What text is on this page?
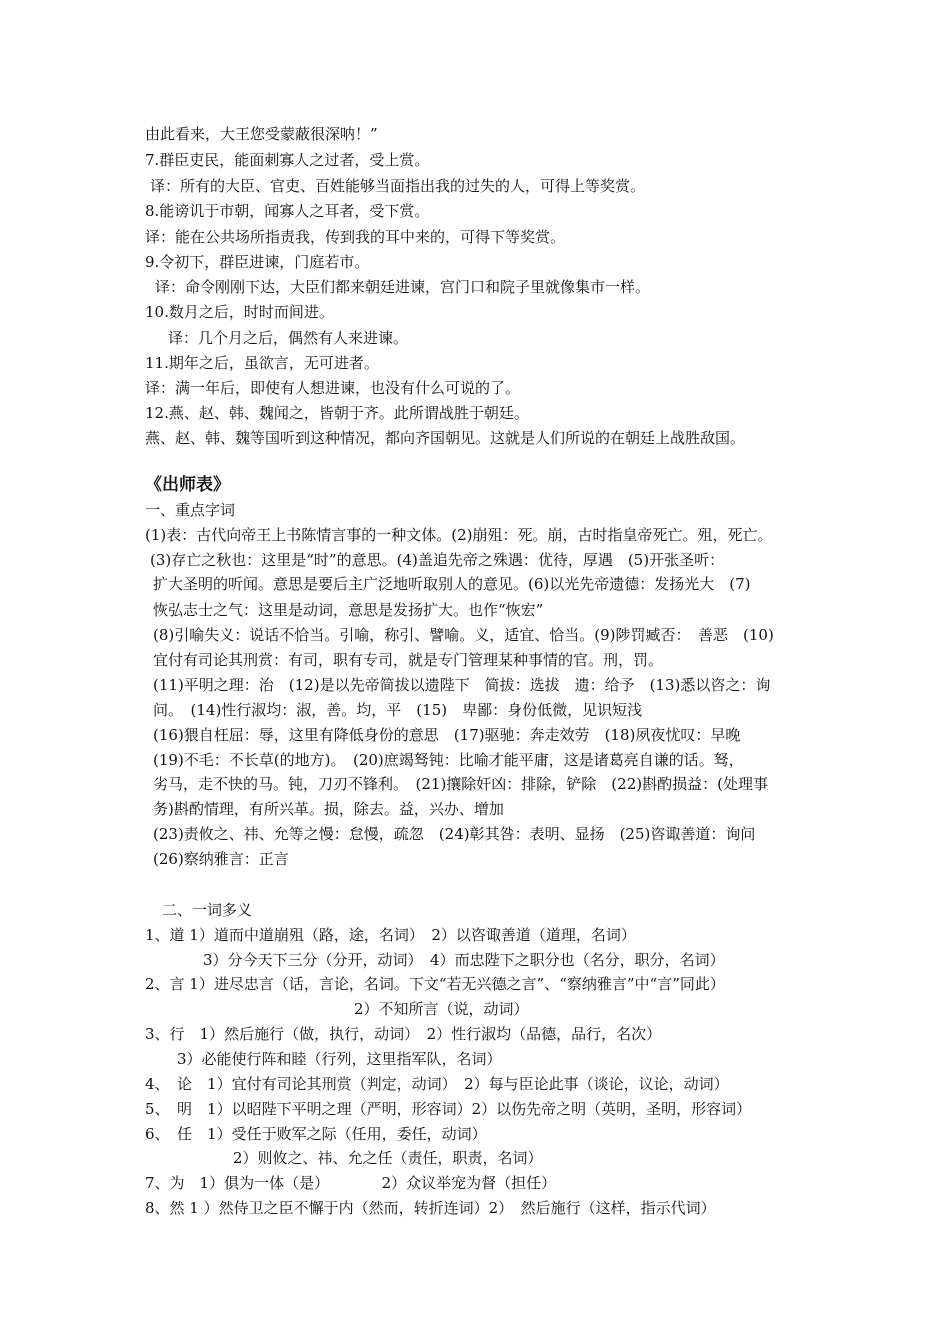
由此看来，大王您受蒙蔽很深呐！”
7.群臣吏民，能面刺寡人之过者，受上赏。
译：所有的大臣、官吏、百姓能够当面指出我的过失的人，可得上等奖赏。
8.能谤讥于市朝，闻寡人之耳者，受下赏。
译：能在公共场所指责我，传到我的耳中来的，可得下等奖赏。
9.令初下，群臣进谏，门庭若市。
译：命令刚刚下达，大臣们都来朝廷进谏，宫门口和院子里就像集市一样。
10.数月之后，时时而间进。
译：几个月之后，偶然有人来进谏。
11.期年之后，虽欲言，无可进者。
译：满一年后，即使有人想进谏，也没有什么可说的了。
12.燕、赵、韩、魏闻之，皆朝于齐。此所谓战胜于朝廷。
燕、赵、韩、魏等国听到这种情况，都向齐国朝见。这就是人们所说的在朝廷上战胜敌国。
《出师表》
一、重点字词
(1)表：古代向帝王上书陈情言事的一种文体。(2)崩殂：死。崩，古时指皇帝死亡。殂，死亡。
(3)存亡之秋也：这里是“时”的意思。(4)盖追先帝之殊遇：优待，厚遇　(5)开张圣听：
扩大圣明的听闻。意思是要后主广泛地听取别人的意见。(6)以光先帝遗德：发扬光大　(7)
恢弘志士之气：这里是动词，意思是发扬扩大。也作“恢宏”
(8)引喻失义：说话不恰当。引喻，称引、譬喻。义，适宜、恰当。(9)陟罚臧否：　善恶　(10)
宜付有司论其刑赏：有司，职有专司，就是专门管理某种事情的官。刑，罚。
(11)平明之理：治　(12)是以先帝简拔以遗陛下　简拔：选拔　遗：给予　(13)悉以咨之：询
问。　(14)性行淑均：淑，善。均，平　(15)　卑鄙：身份低微，见识短浅
(16)猥自枉屈：辱，这里有降低身份的意思　(17)驱驰：奔走效劳　(18)夙夜忧叹：早晚
(19)不毛：不长草(的地方)。　(20)庶竭驽钝：比喻才能平庸，这是诸葛亮自谦的话。驽，
劣马，走不快的马。钝，刀刃不锋利。　(21)攘除奸凶：排除，铲除　(22)斟酌损益：(处理事
务)斟酌情理，有所兴革。损，除去。益，兴办、增加
(23)责攸之、祎、允等之慢：怠慢，疏忽　(24)彰其咎：表明、显扬　(25)咨诹善道：询问
(26)察纳雅言：正言
二、一词多义
1、道 1）道而中道崩殂（路，途，名词）　2）以咨诹善道（道理，名词）
3）分今天下三分（分开，动词）　4）而忠陛下之职分也（名分，职分，名词）
2、言 1）进尽忠言（话，言论，名词。下文“若无兴德之言”、“察纳雅言”中“言”同此）
2）不知所言（说，动词）
3、行　1）然后施行（做，执行，动词）　2）性行淑均（品德，品行，名次）
3）必能使行阵和睦（行列，这里指军队，名词）
4、　论　1）宜付有司论其刑赏（判定，动词）　2）每与臣论此事（谈论，议论，动词）
5、　明　1）以昭陛下平明之理（严明，形容词）2）以伤先帝之明（英明，圣明，形容词）
6、　任　1）受任于败军之际（任用，委任，动词）
2）则攸之、祎、允之任（责任，职责，名词）
7、为　1）俱为一体（是）　　　　2）众议举宠为督（担任）
8、然 1 ）然侍卫之臣不懈于内（然而，转折连词）2）　然后施行（这样，指示代词）
